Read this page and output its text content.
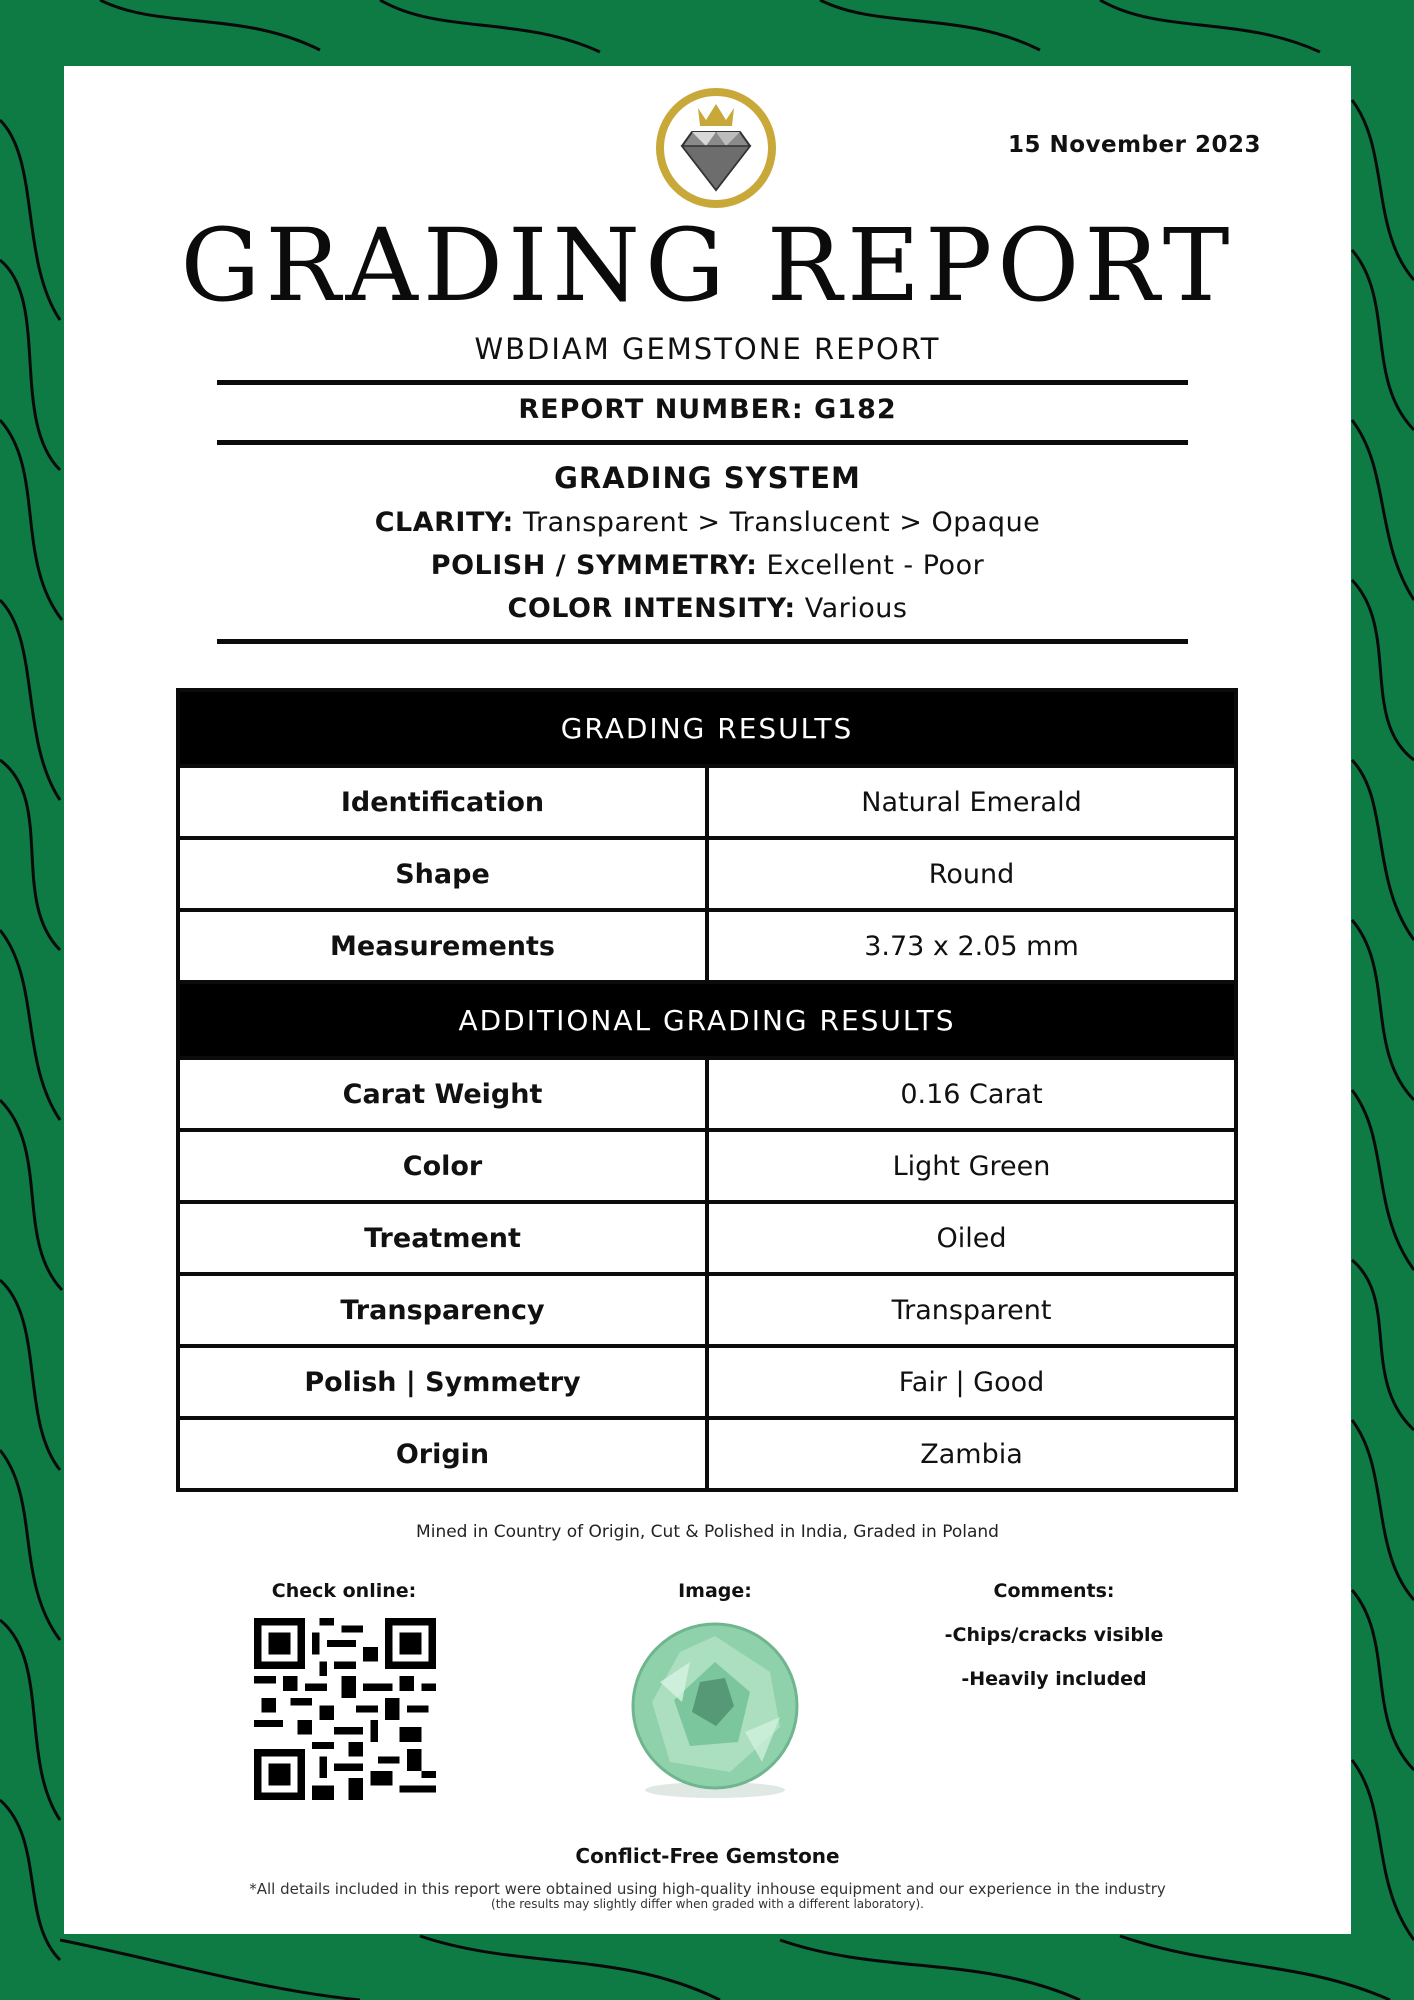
15 November 2023
GRADING REPORT
WBDIAM GEMSTONE REPORT
REPORT NUMBER: G182
GRADING SYSTEM
CLARITY: Transparent > Translucent > Opaque
POLISH / SYMMETRY: Excellent - Poor
COLOR INTENSITY: Various
GRADING RESULTS	
Identification	Natural Emerald
Shape	Round
Measurements	3.73 x 2.05 mm
ADDITIONAL GRADING RESULTS	
Carat Weight	0.16 Carat
Color	Light Green
Treatment	Oiled
Transparency	Transparent
Polish | Symmetry	Fair | Good
Origin	Zambia
Mined in Country of Origin, Cut & Polished in India, Graded in Poland
Check online:	Image:	Comments:
-Chips/cracks visible
-Heavily included
Conflict-Free Gemstone
*All details included in this report were obtained using high-quality inhouse equipment and our experience in the industry
(the results may slightly differ when graded with a different laboratory).
